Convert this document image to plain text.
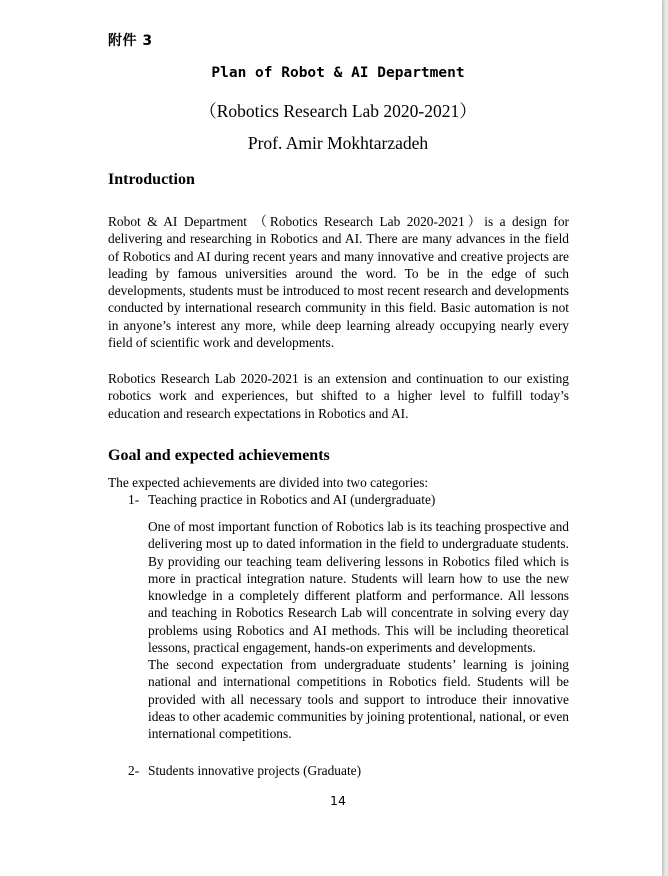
附件 3
Plan of Robot & AI Department
（Robotics Research Lab 2020-2021）
Prof. Amir Mokhtarzadeh
Introduction

Robot & AI Department （Robotics Research Lab 2020-2021）is a design for delivering and researching in Robotics and AI. There are many advances in the field of Robotics and AI during recent years and many innovative and creative projects are leading by famous universities around the word. To be in the edge of such developments, students must be introduced to most recent research and developments conducted by international research community in this field. Basic automation is not in anyone’s interest any more, while deep learning already occupying nearly every field of scientific work and developments.

Robotics Research Lab 2020-2021 is an extension and continuation to our existing robotics work and experiences, but shifted to a higher level to fulfill today’s education and research expectations in Robotics and AI.

Goal and expected achievements

The expected achievements are divided into two categories:

1- Teaching practice in Robotics and AI (undergraduate)

One of most important function of Robotics lab is its teaching prospective and delivering most up to dated information in the field to undergraduate students. By providing our teaching team delivering lessons in Robotics filed which is more in practical integration nature. Students will learn how to use the new knowledge in a completely different platform and performance. All lessons and teaching in Robotics Research Lab will concentrate in solving every day problems using Robotics and AI methods. This will be including theoretical lessons, practical engagement, hands-on experiments and developments.

The second expectation from undergraduate students’ learning is joining national and international competitions in Robotics field. Students will be provided with all necessary tools and support to introduce their innovative ideas to other academic communities by joining protentional, national, or even international competitions.

2- Students innovative projects (Graduate)

14
